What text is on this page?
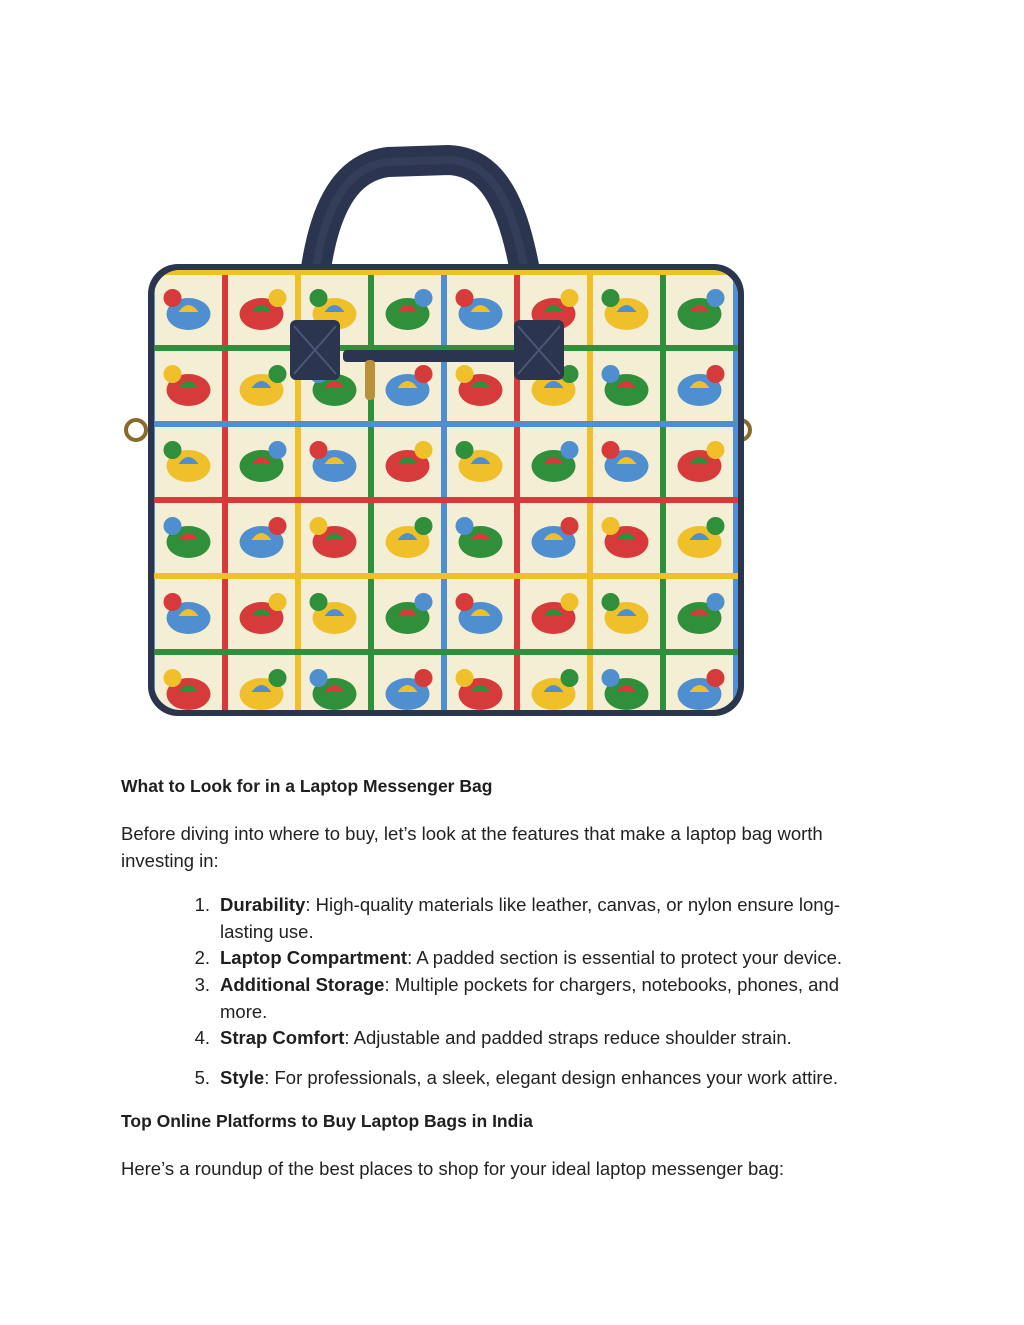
What to Look for in a Laptop Messenger Bag

Before diving into where to buy, let’s look at the features that make a laptop bag worth investing in:

1. Durability: High-quality materials like leather, canvas, or nylon ensure long-lasting use.
2. Laptop Compartment: A padded section is essential to protect your device.
3. Additional Storage: Multiple pockets for chargers, notebooks, phones, and more.
4. Strap Comfort: Adjustable and padded straps reduce shoulder strain.
5. Style: For professionals, a sleek, elegant design enhances your work attire.
Top Online Platforms to Buy Laptop Bags in India

Here’s a roundup of the best places to shop for your ideal laptop messenger bag:
